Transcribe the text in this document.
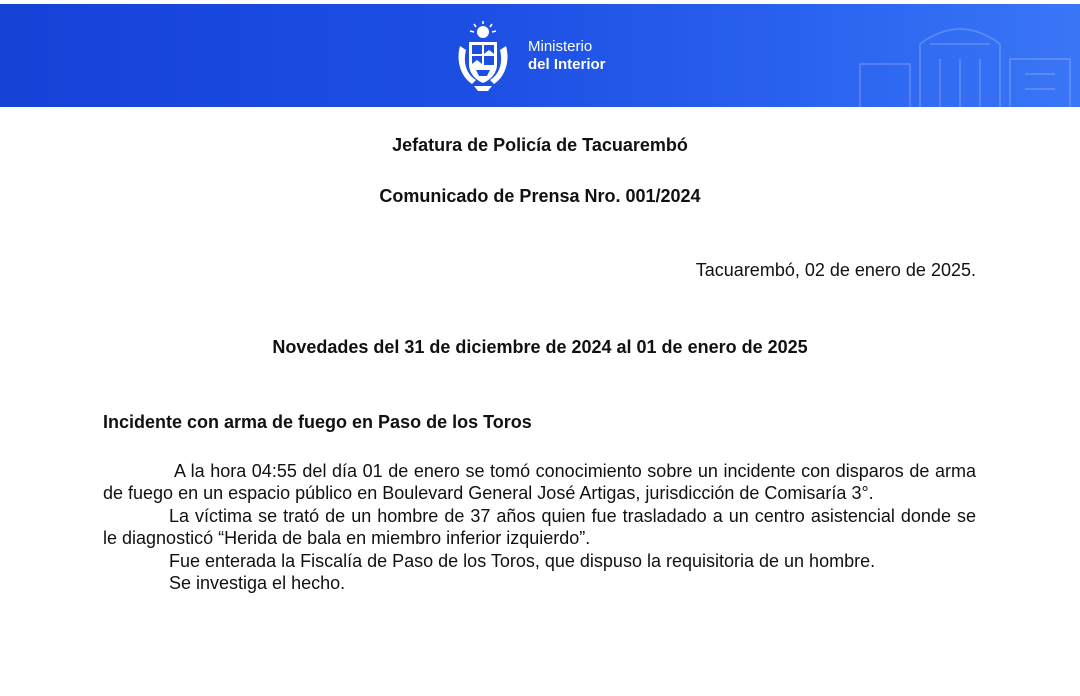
Ministerio
del Interior
Jefatura de Policía de Tacuarembó
Comunicado de Prensa Nro. 001/2024
Tacuarembó, 02 de enero de 2025.
Novedades del 31 de diciembre de 2024 al 01 de enero de 2025
Incidente con arma de fuego en Paso de los Toros

A la hora 04:55 del día 01 de enero se tomó conocimiento sobre un incidente con disparos de arma de fuego en un espacio público en Boulevard General José Artigas, jurisdicción de Comisaría 3°.

La víctima se trató de un hombre de 37 años quien fue trasladado a un centro asistencial donde se le diagnosticó “Herida de bala en miembro inferior izquierdo”.

Fue enterada la Fiscalía de Paso de los Toros, que dispuso la requisitoria de un hombre.

Se investiga el hecho.
